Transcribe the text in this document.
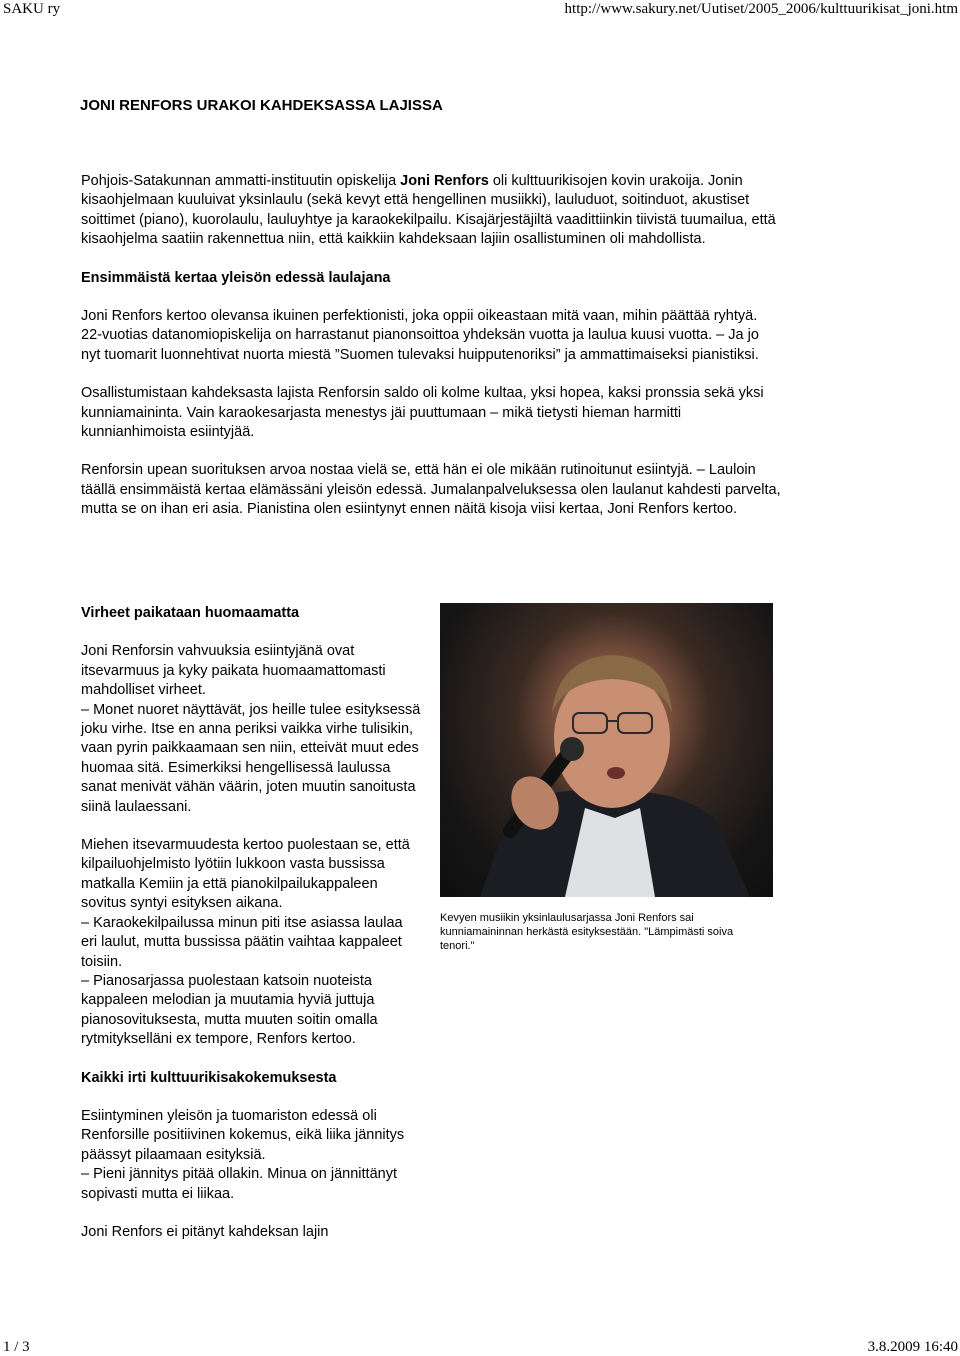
SAKU ry	http://www.sakury.net/Uutiset/2005_2006/kulttuurikisat_joni.htm
JONI RENFORS URAKOI KAHDEKSASSA LAJISSA

Pohjois-Satakunnan ammatti-instituutin opiskelija Joni Renfors oli kulttuurikisojen kovin urakoija. Jonin kisaohjelmaan kuuluivat yksinlaulu (sekä kevyt että hengellinen musiikki), lauluduot, soitinduot, akustiset soittimet (piano), kuorolaulu, lauluyhtye ja karaokekilpailu. Kisajärjestäjiltä vaadittiinkin tiivistä tuumailua, että kisaohjelma saatiin rakennettua niin, että kaikkiin kahdeksaan lajiin osallistuminen oli mahdollista.

Ensimmäistä kertaa yleisön edessä laulajana

Joni Renfors kertoo olevansa ikuinen perfektionisti, joka oppii oikeastaan mitä vaan, mihin päättää ryhtyä. 22-vuotias datanomiopiskelija on harrastanut pianonsoittoa yhdeksän vuotta ja laulua kuusi vuotta. – Ja jo nyt tuomarit luonnehtivat nuorta miestä ”Suomen tulevaksi huipputenoriksi” ja ammattimaiseksi pianistiksi.

Osallistumistaan kahdeksasta lajista Renforsin saldo oli kolme kultaa, yksi hopea, kaksi pronssia sekä yksi kunniamaininta. Vain karaokesarjasta menestys jäi puuttumaan – mikä tietysti hieman harmitti kunnianhimoista esiintyjää.

Renforsin upean suorituksen arvoa nostaa vielä se, että hän ei ole mikään rutinoitunut esiintyjä. – Lauloin täällä ensimmäistä kertaa elämässäni yleisön edessä. Jumalanpalveluksessa olen laulanut kahdesti parvelta, mutta se on ihan eri asia. Pianistina olen esiintynyt ennen näitä kisoja viisi kertaa, Joni Renfors kertoo.

Virheet paikataan huomaamatta

Joni Renforsin vahvuuksia esiintyjänä ovat itsevarmuus ja kyky paikata huomaamattomasti mahdolliset virheet.
– Monet nuoret näyttävät, jos heille tulee esityksessä joku virhe. Itse en anna periksi vaikka virhe tulisikin, vaan pyrin paikkaamaan sen niin, etteivät muut edes huomaa sitä. Esimerkiksi hengellisessä laulussa sanat menivät vähän väärin, joten muutin sanoitusta siinä laulaessani.

Miehen itsevarmuudesta kertoo puolestaan se, että kilpailuohjelmisto lyötiin lukkoon vasta bussissa matkalla Kemiin ja että pianokilpailukappaleen sovitus syntyi esityksen aikana.
– Karaokekilpailussa minun piti itse asiassa laulaa eri laulut, mutta bussissa päätin vaihtaa kappaleet toisiin.
– Pianosarjassa puolestaan katsoin nuoteista kappaleen melodian ja muutamia hyviä juttuja pianosovituksesta, mutta muuten soitin omalla rytmitykselläni ex tempore, Renfors kertoo.

Kaikki irti kulttuurikisakokemuksesta

Esiintyminen yleisön ja tuomariston edessä oli Renforsille positiivinen kokemus, eikä liika jännitys päässyt pilaamaan esityksiä.
– Pieni jännitys pitää ollakin. Minua on jännittänyt sopivasti mutta ei liikaa.

Joni Renfors ei pitänyt kahdeksan lajin

Kevyen musiikin yksinlaulusarjassa Joni Renfors sai kunniamaininnan herkästä esityksestään. "Lämpimästi soiva tenori."
1 / 3	3.8.2009 16:40
